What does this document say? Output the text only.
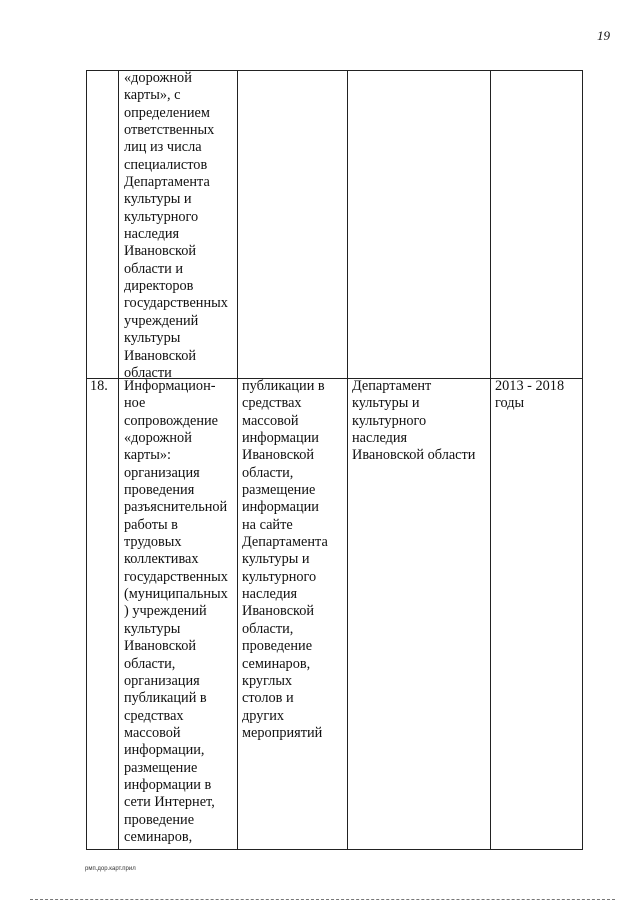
19
«дорожной
карты», с
определением
ответственных
лиц из числа
специалистов
Департамента
культуры и
культурного
наследия
Ивановской
области и
директоров
государственных
учреждений
культуры
Ивановской
области
18. Информацион-
ное
сопровождение
«дорожной
карты»:
организация
проведения
разъяснительной
работы в
трудовых
коллективах
государственных
(муниципальных
) учреждений
культуры
Ивановской
области,
организация
публикаций в
средствах
массовой
информации,
размещение
информации в
сети Интернет,
проведение
семинаров,
публикации в
средствах
массовой
информации
Ивановской
области,
размещение
информации
на сайте
Департамента
культуры и
культурного
наследия
Ивановской
области,
проведение
семинаров,
круглых
столов и
других
мероприятий
Департамент
культуры и
культурного
наследия
Ивановской области
2013 - 2018
годы
рмп.дор.карт.прил
